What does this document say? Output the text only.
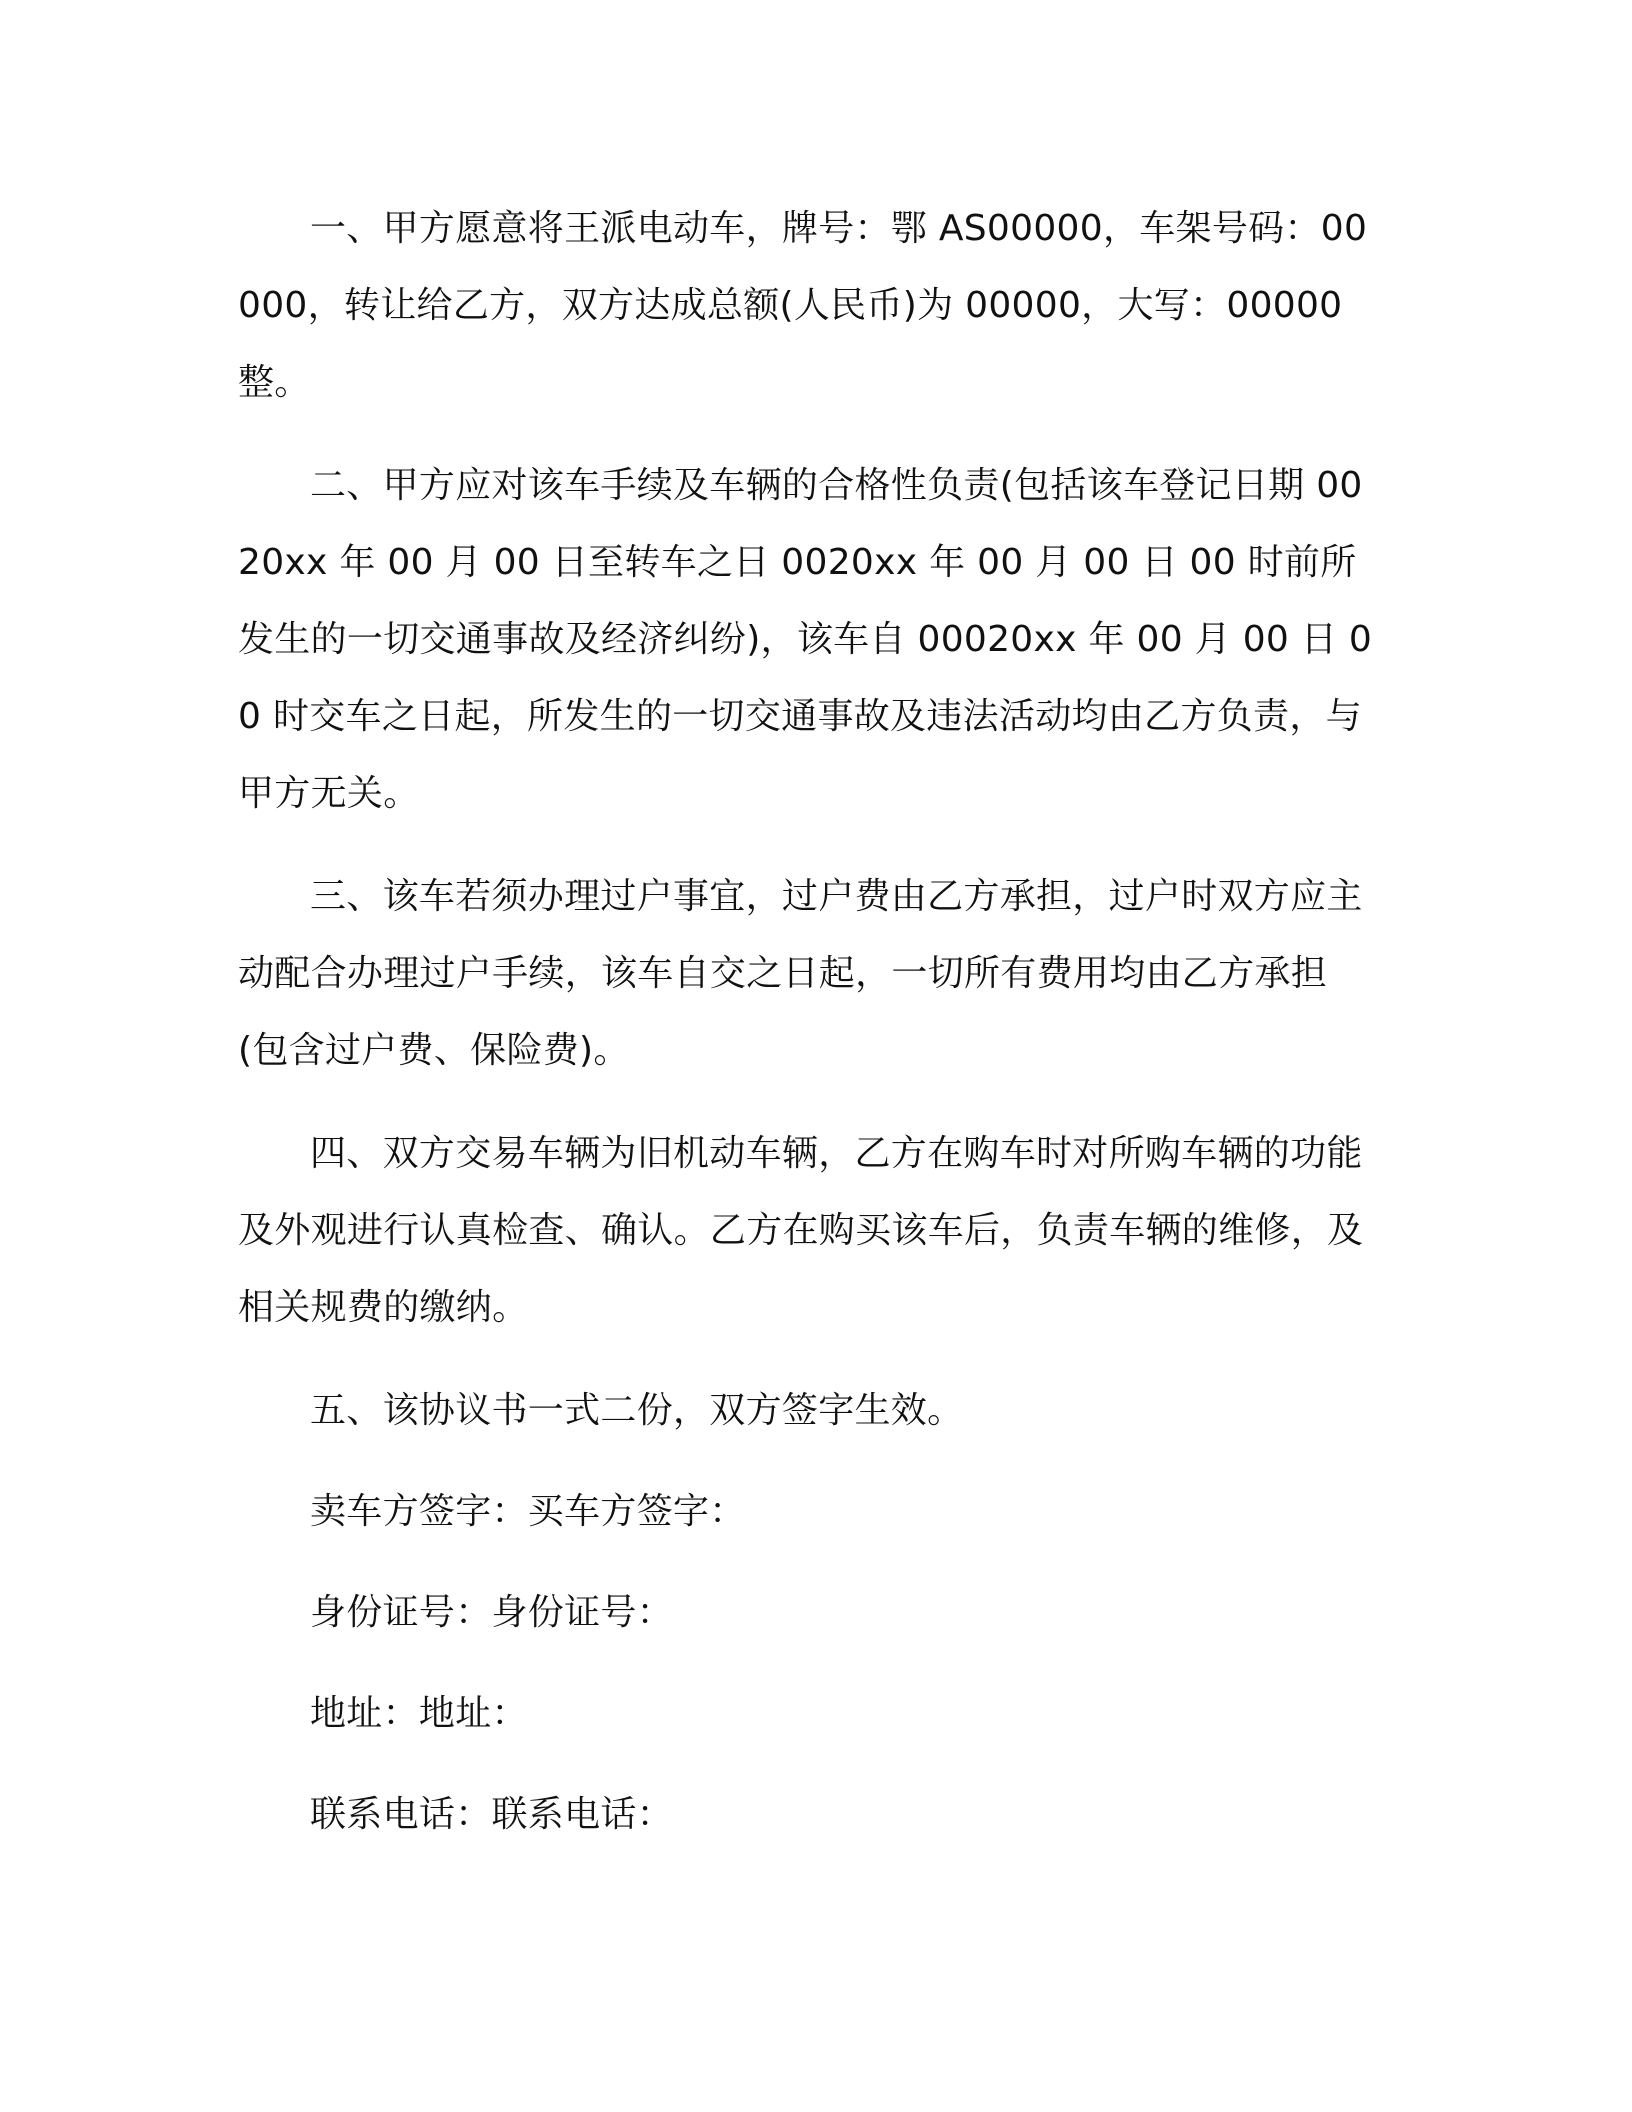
一、甲方愿意将王派电动车，牌号：鄂 AS00000，车架号码：00000，转让给乙方，双方达成总额(人民币)为 00000，大写：00000 整。

二、甲方应对该车手续及车辆的合格性负责(包括该车登记日期 0020xx 年 00 月 00 日至转车之日 0020xx 年 00 月 00 日 00 时前所发生的一切交通事故及经济纠纷)，该车自 00020xx 年 00 月 00 日 00 时交车之日起，所发生的一切交通事故及违法活动均由乙方负责，与甲方无关。

三、该车若须办理过户事宜，过户费由乙方承担，过户时双方应主动配合办理过户手续，该车自交之日起，一切所有费用均由乙方承担(包含过户费、保险费)。

四、双方交易车辆为旧机动车辆，乙方在购车时对所购车辆的功能及外观进行认真检查、确认。乙方在购买该车后，负责车辆的维修，及相关规费的缴纳。

五、该协议书一式二份，双方签字生效。

卖车方签字：买车方签字：

身份证号：身份证号：

地址：地址：

联系电话：联系电话：
